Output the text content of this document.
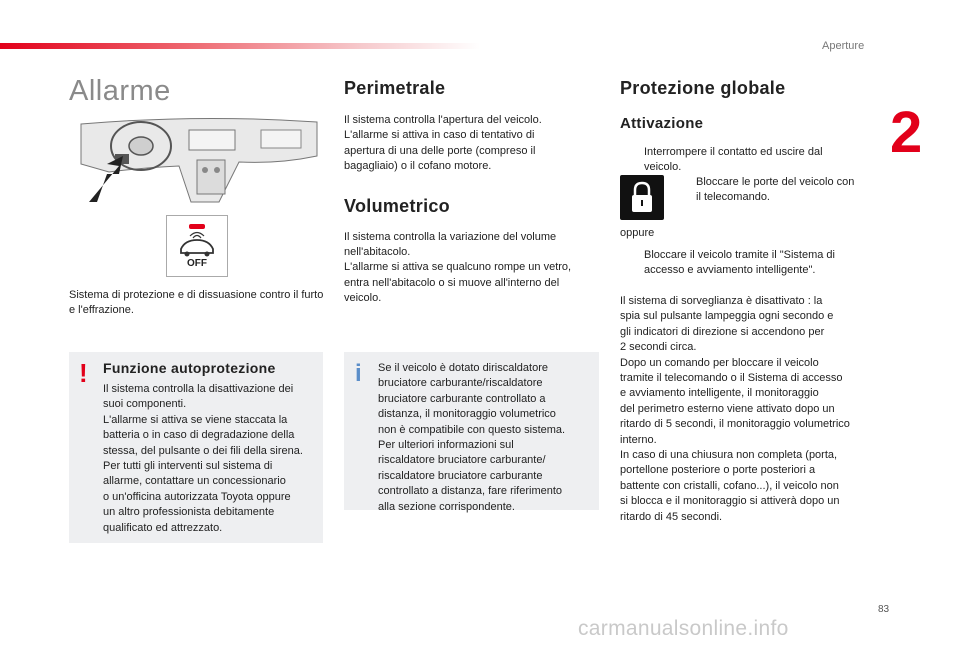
Aperture
2
83
carmanualsonline.info
Allarme
OFF

Sistema di protezione e di dissuasione contro il furto e l'effrazione.

! Funzione autoprotezione

Il sistema controlla la disattivazione dei

suoi componenti.

L'allarme si attiva se viene staccata la

batteria o in caso di degradazione della

stessa, del pulsante o dei fili della sirena.

Per tutti gli interventi sul sistema di

allarme, contattare un concessionario

o un'officina autorizzata Toyota oppure

un altro professionista debitamente

qualificato ed attrezzato.

Perimetrale

Il sistema controlla l'apertura del veicolo.

L'allarme si attiva in caso di tentativo di

apertura di una delle porte (compreso il

bagagliaio) o il cofano motore.

Volumetrico

Il sistema controlla la variazione del volume

nell'abitacolo.

L'allarme si attiva se qualcuno rompe un vetro,

entra nell'abitacolo o si muove all'interno del

veicolo.

i Se il veicolo è dotato diriscaldatore

bruciatore carburante/riscaldatore

bruciatore carburante controllato a

distanza, il monitoraggio volumetrico

non è compatibile con questo sistema.

Per ulteriori informazioni sul

riscaldatore bruciatore carburante/

riscaldatore bruciatore carburante

controllato a distanza, fare riferimento

alla sezione corrispondente.

Protezione globale
Attivazione

Interrompere il contatto ed uscire dal

veicolo.

Bloccare le porte del veicolo con

il telecomando.

oppure

Bloccare il veicolo tramite il "Sistema di

accesso e avviamento intelligente".

Il sistema di sorveglianza è disattivato : la

spia sul pulsante lampeggia ogni secondo e

gli indicatori di direzione si accendono per

2 secondi circa.

Dopo un comando per bloccare il veicolo

tramite il telecomando o il Sistema di accesso

e avviamento intelligente, il monitoraggio

del perimetro esterno viene attivato dopo un

ritardo di 5 secondi, il monitoraggio volumetrico

interno.

In caso di una chiusura non completa (porta,

portellone posteriore o porte posteriori a

battente con cristalli, cofano...), il veicolo non

si blocca e il monitoraggio si attiverà dopo un

ritardo di 45 secondi.
